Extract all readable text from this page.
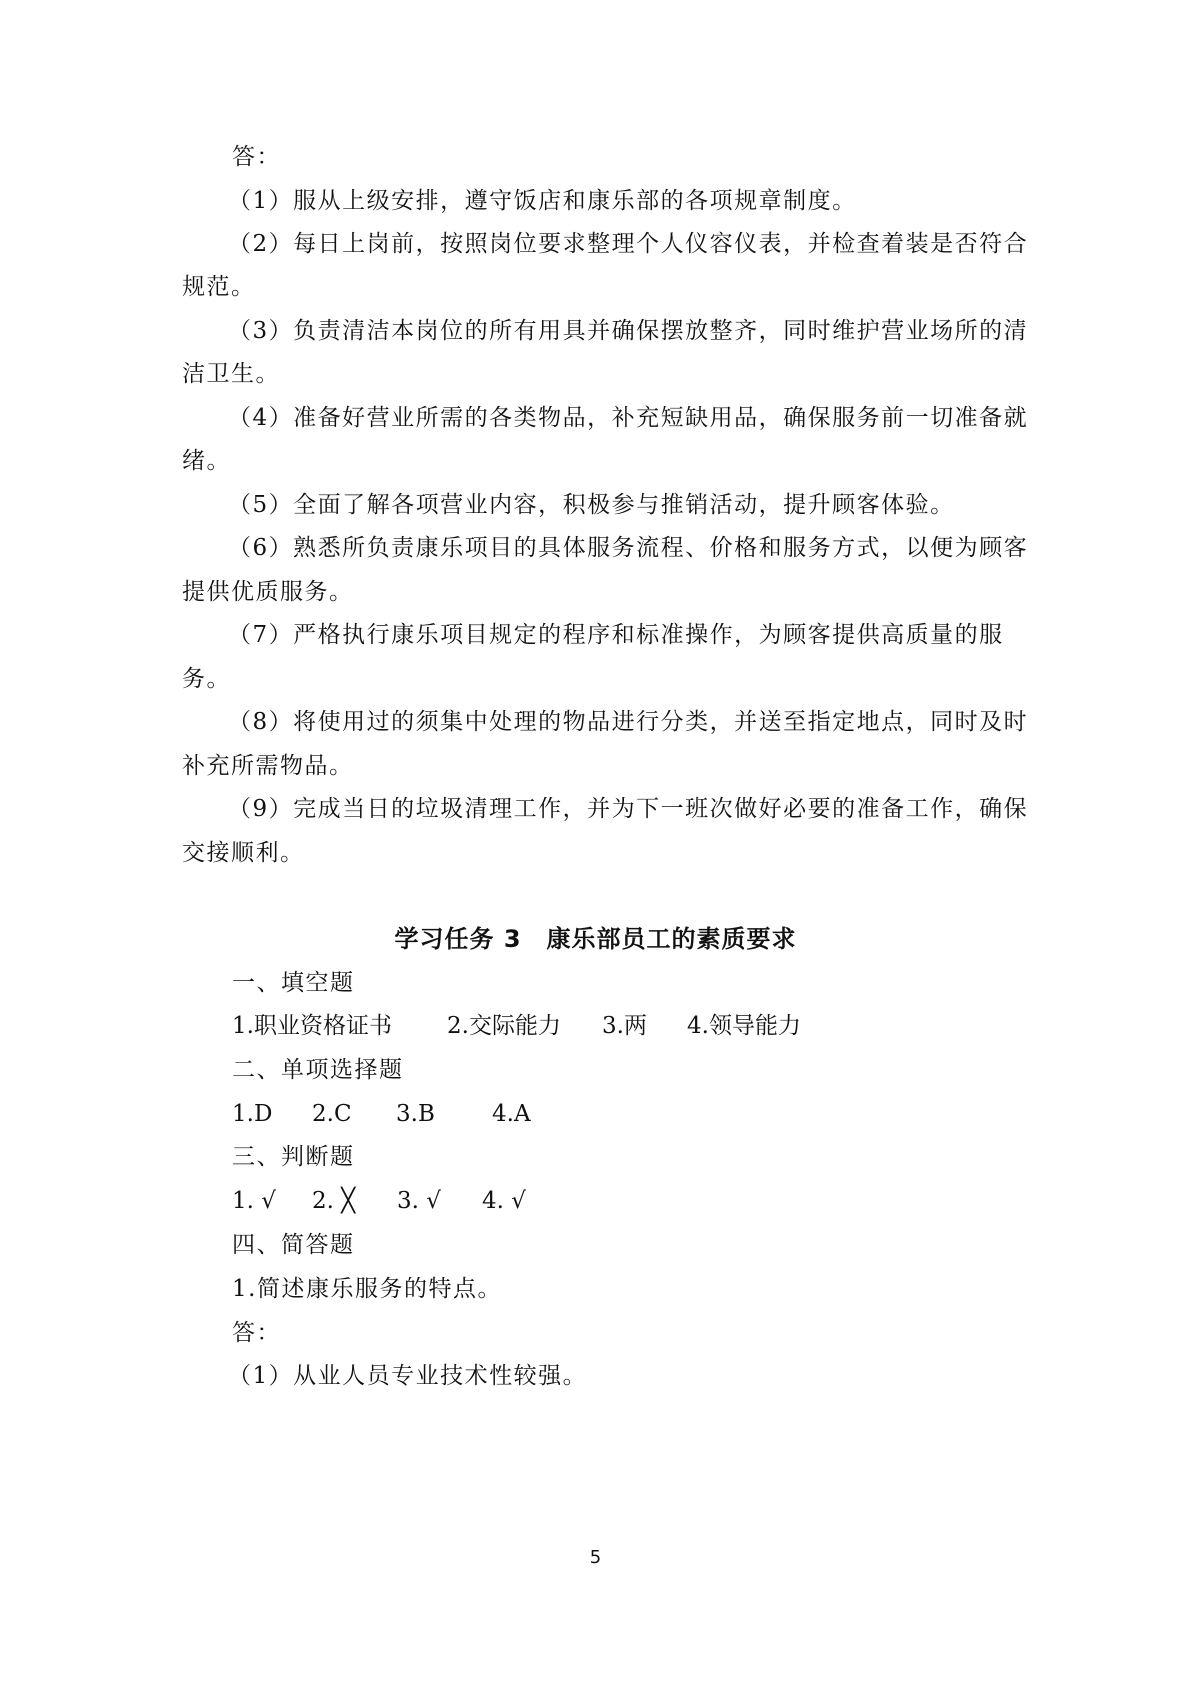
答：
（1）服从上级安排，遵守饭店和康乐部的各项规章制度。
（2）每日上岗前，按照岗位要求整理个人仪容仪表，并检查着装是否符合
规范。
（3）负责清洁本岗位的所有用具并确保摆放整齐，同时维护营业场所的清
洁卫生。
（4）准备好营业所需的各类物品，补充短缺用品，确保服务前一切准备就
绪。
（5）全面了解各项营业内容，积极参与推销活动，提升顾客体验。
（6）熟悉所负责康乐项目的具体服务流程、价格和服务方式，以便为顾客
提供优质服务。
（7）严格执行康乐项目规定的程序和标准操作，为顾客提供高质量的服
务。
（8）将使用过的须集中处理的物品进行分类，并送至指定地点，同时及时
补充所需物品。
（9）完成当日的垃圾清理工作，并为下一班次做好必要的准备工作，确保
交接顺利。
学习任务 3　康乐部员工的素质要求
一、填空题
1.职业资格证书 2.交际能力 3.两 4.领导能力
二、单项选择题
1.D 2.C 3.B 4.A
三、判断题
1. √ 2. ╳ 3. √ 4. √
四、简答题
1.简述康乐服务的特点。
答：
（1）从业人员专业技术性较强。
5
